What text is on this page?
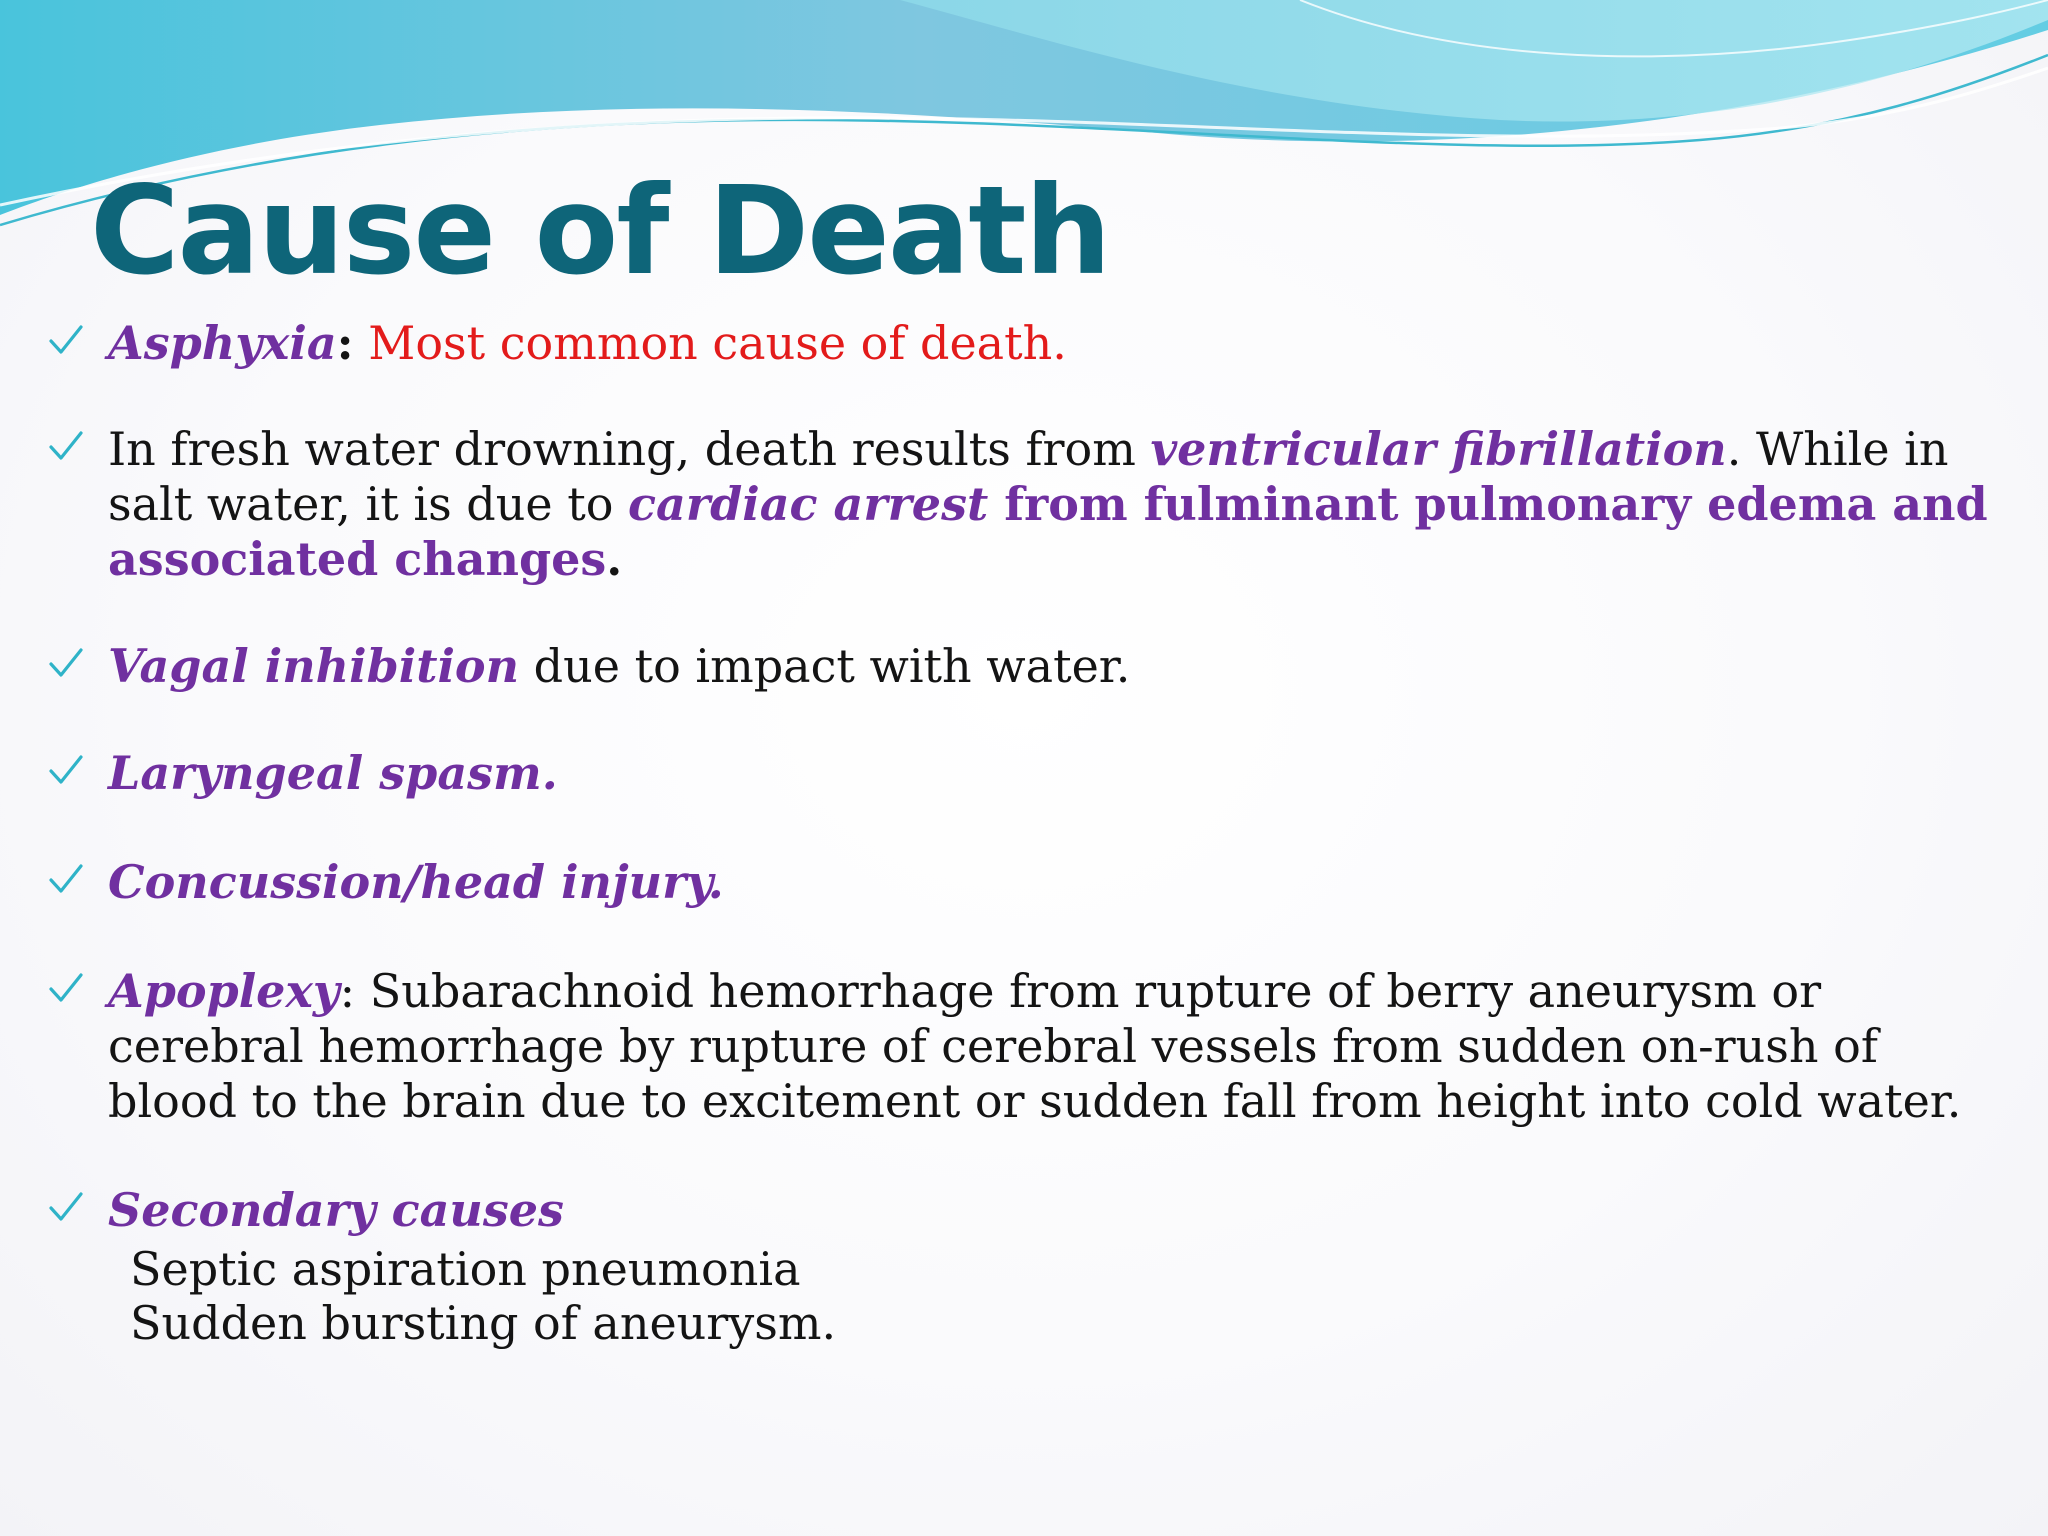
Cause of Death
Asphyxia: Most common cause of death.
In fresh water drowning, death results from ventricular fibrillation. While in salt water, it is due to cardiac arrest from fulminant pulmonary edema and associated changes.
Vagal inhibition due to impact with water.
Laryngeal spasm.
Concussion/head injury.
Apoplexy: Subarachnoid hemorrhage from rupture of berry aneurysm or cerebral hemorrhage by rupture of cerebral vessels from sudden on-rush of blood to the brain due to excitement or sudden fall from height into cold water.
Secondary causes
Septic aspiration pneumonia
Sudden bursting of aneurysm.
